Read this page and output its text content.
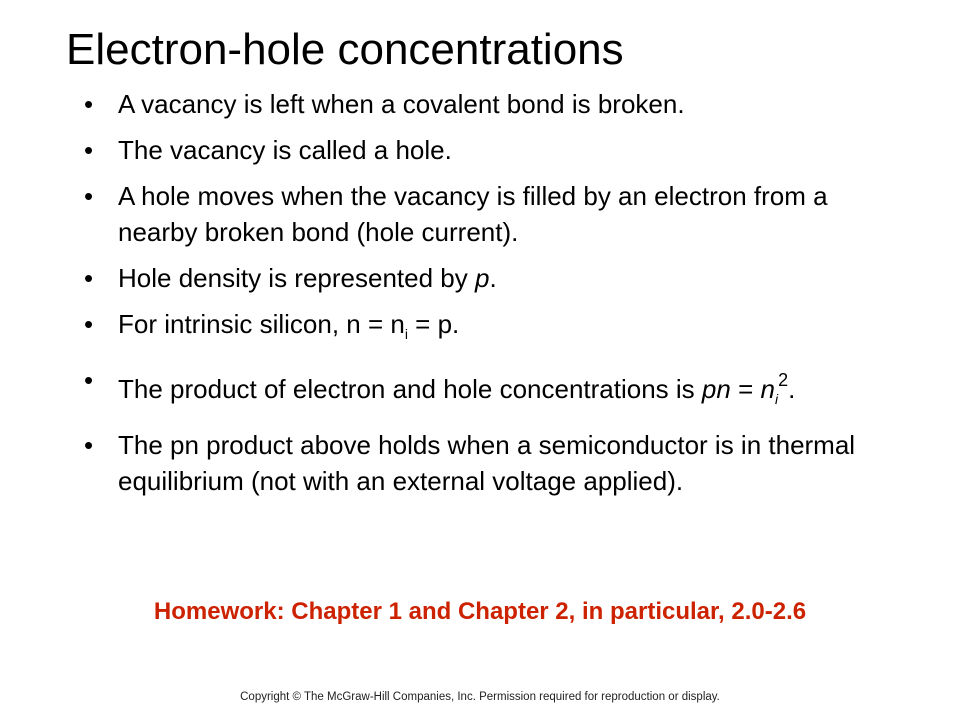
Electron-hole concentrations
• A vacancy is left when a covalent bond is broken.
• The vacancy is called a hole.
• A hole moves when the vacancy is filled by an electron from a nearby broken bond (hole current).
• Hole density is represented by p.
• For intrinsic silicon, $n = n_i = p$.
• The product of electron and hole concentrations is pn = $n_i^2$.
• The pn product above holds when a semiconductor is in thermal equilibrium (not with an external voltage applied).
Homework: Chapter 1 and Chapter 2, in particular, 2.0-2.6
Copyright © The McGraw-Hill Companies, Inc. Permission required for reproduction or display.
